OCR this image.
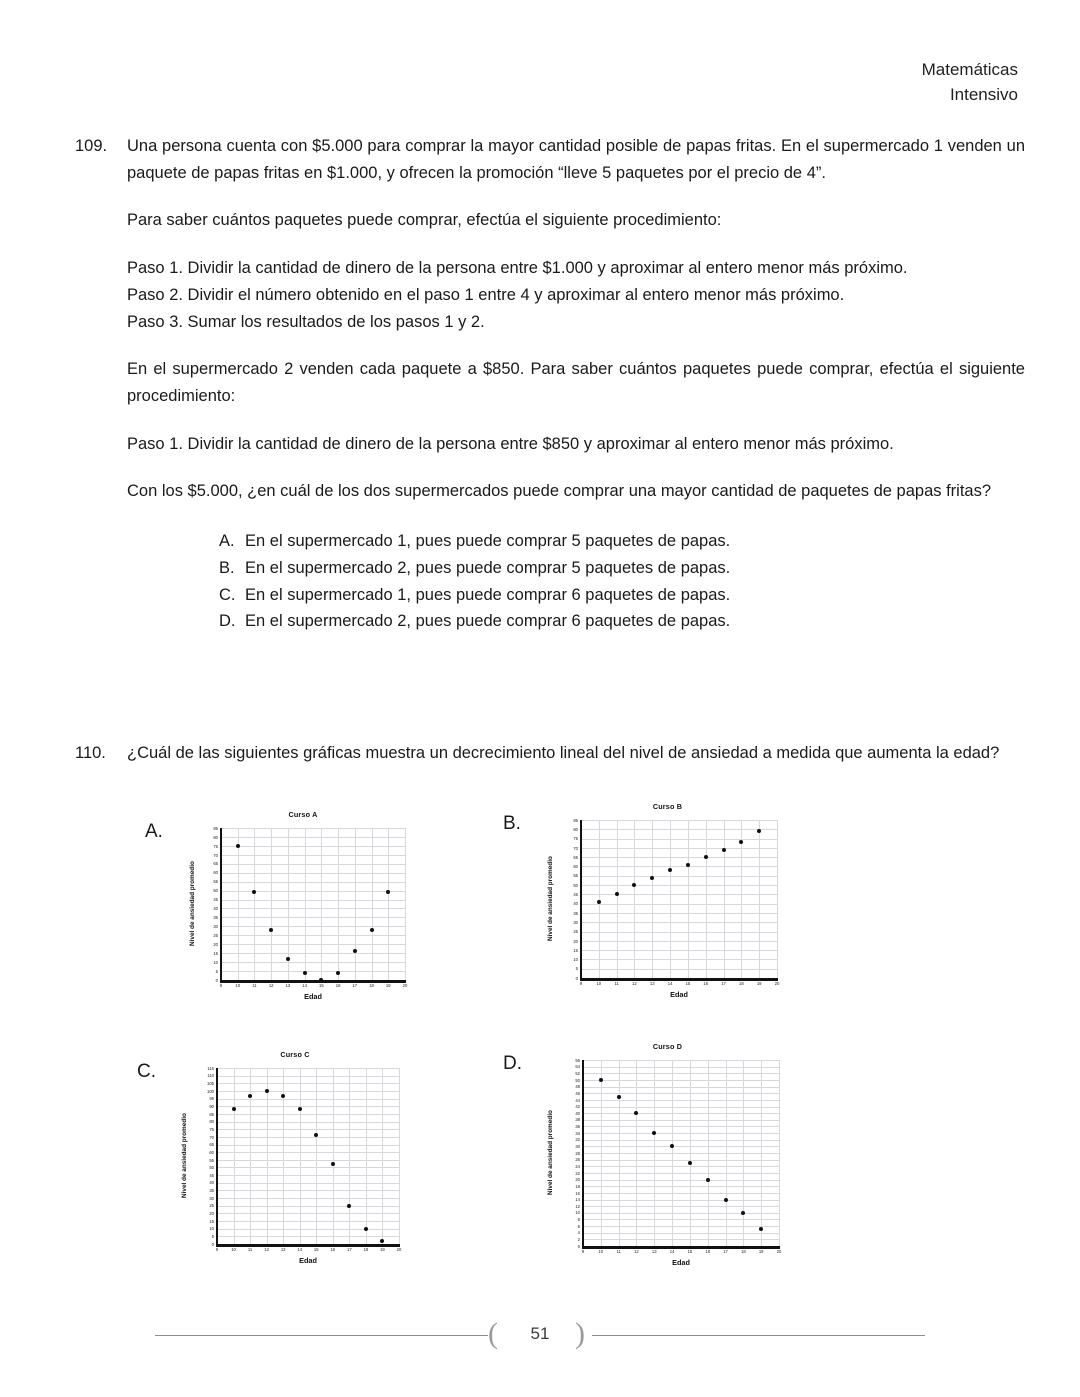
Matemáticas
Intensivo
109.	Una persona cuenta con $5.000 para comprar la mayor cantidad posible de papas fritas. En el supermercado 1 venden un paquete de papas fritas en $1.000, y ofrecen la promoción “lleve 5 paquetes por el precio de 4”.

Para saber cuántos paquetes puede comprar, efectúa el siguiente procedimiento:

Paso 1. Dividir la cantidad de dinero de la persona entre $1.000 y aproximar al entero menor más próximo.

Paso 2. Dividir el número obtenido en el paso 1 entre 4 y aproximar al entero menor más próximo.

Paso 3. Sumar los resultados de los pasos 1 y 2.

En el supermercado 2 venden cada paquete a $850. Para saber cuántos paquetes puede comprar, efectúa el siguiente procedimiento:

Paso 1. Dividir la cantidad de dinero de la persona entre $850 y aproximar al entero menor más próximo.

Con los $5.000, ¿en cuál de los dos supermercados puede comprar una mayor cantidad de paquetes de papas fritas?

A. En el supermercado 1, pues puede comprar 5 paquetes de papas.
B. En el supermercado 2, pues puede comprar 5 paquetes de papas.
C. En el supermercado 1, pues puede comprar 6 paquetes de papas.
D. En el supermercado 2, pues puede comprar 6 paquetes de papas.
110.	¿Cuál de las siguientes gráficas muestra un decrecimiento lineal del nivel de ansiedad a medida que aumenta la edad?

A.
Curso A
0
5
10
15
20
25
30
35
40
45
50
55
60
65
70
75
80
85
9	10	11	12	13	14	15	16	17	18	19	20
Nivel de ansiedad promedio
Edad
B.
Curso B
0
5
10
15
20
25
30
35
40
45
50
55
60
65
70
75
80
85
9	10	11	12	13	14	15	16	17	18	19	20
Nivel de ansiedad promedio
Edad
C.
Curso C
0
5
10
15
20
25
30
35
40
45
50
55
60
65
70
75
80
85
90
95
100
105
110
115
9	10	11	12	13	14	15	16	17	18	19	20
Nivel de ansiedad promedio
Edad
D.
Curso D
0
2
4
6
8
10
12
14
16
18
20
22
24
26
28
30
32
34
36
38
40
42
44
46
48
50
52
54
56
9	10	11	12	13	14	15	16	17	18	19	20
Nivel de ansiedad promedio
Edad
(	51 )
